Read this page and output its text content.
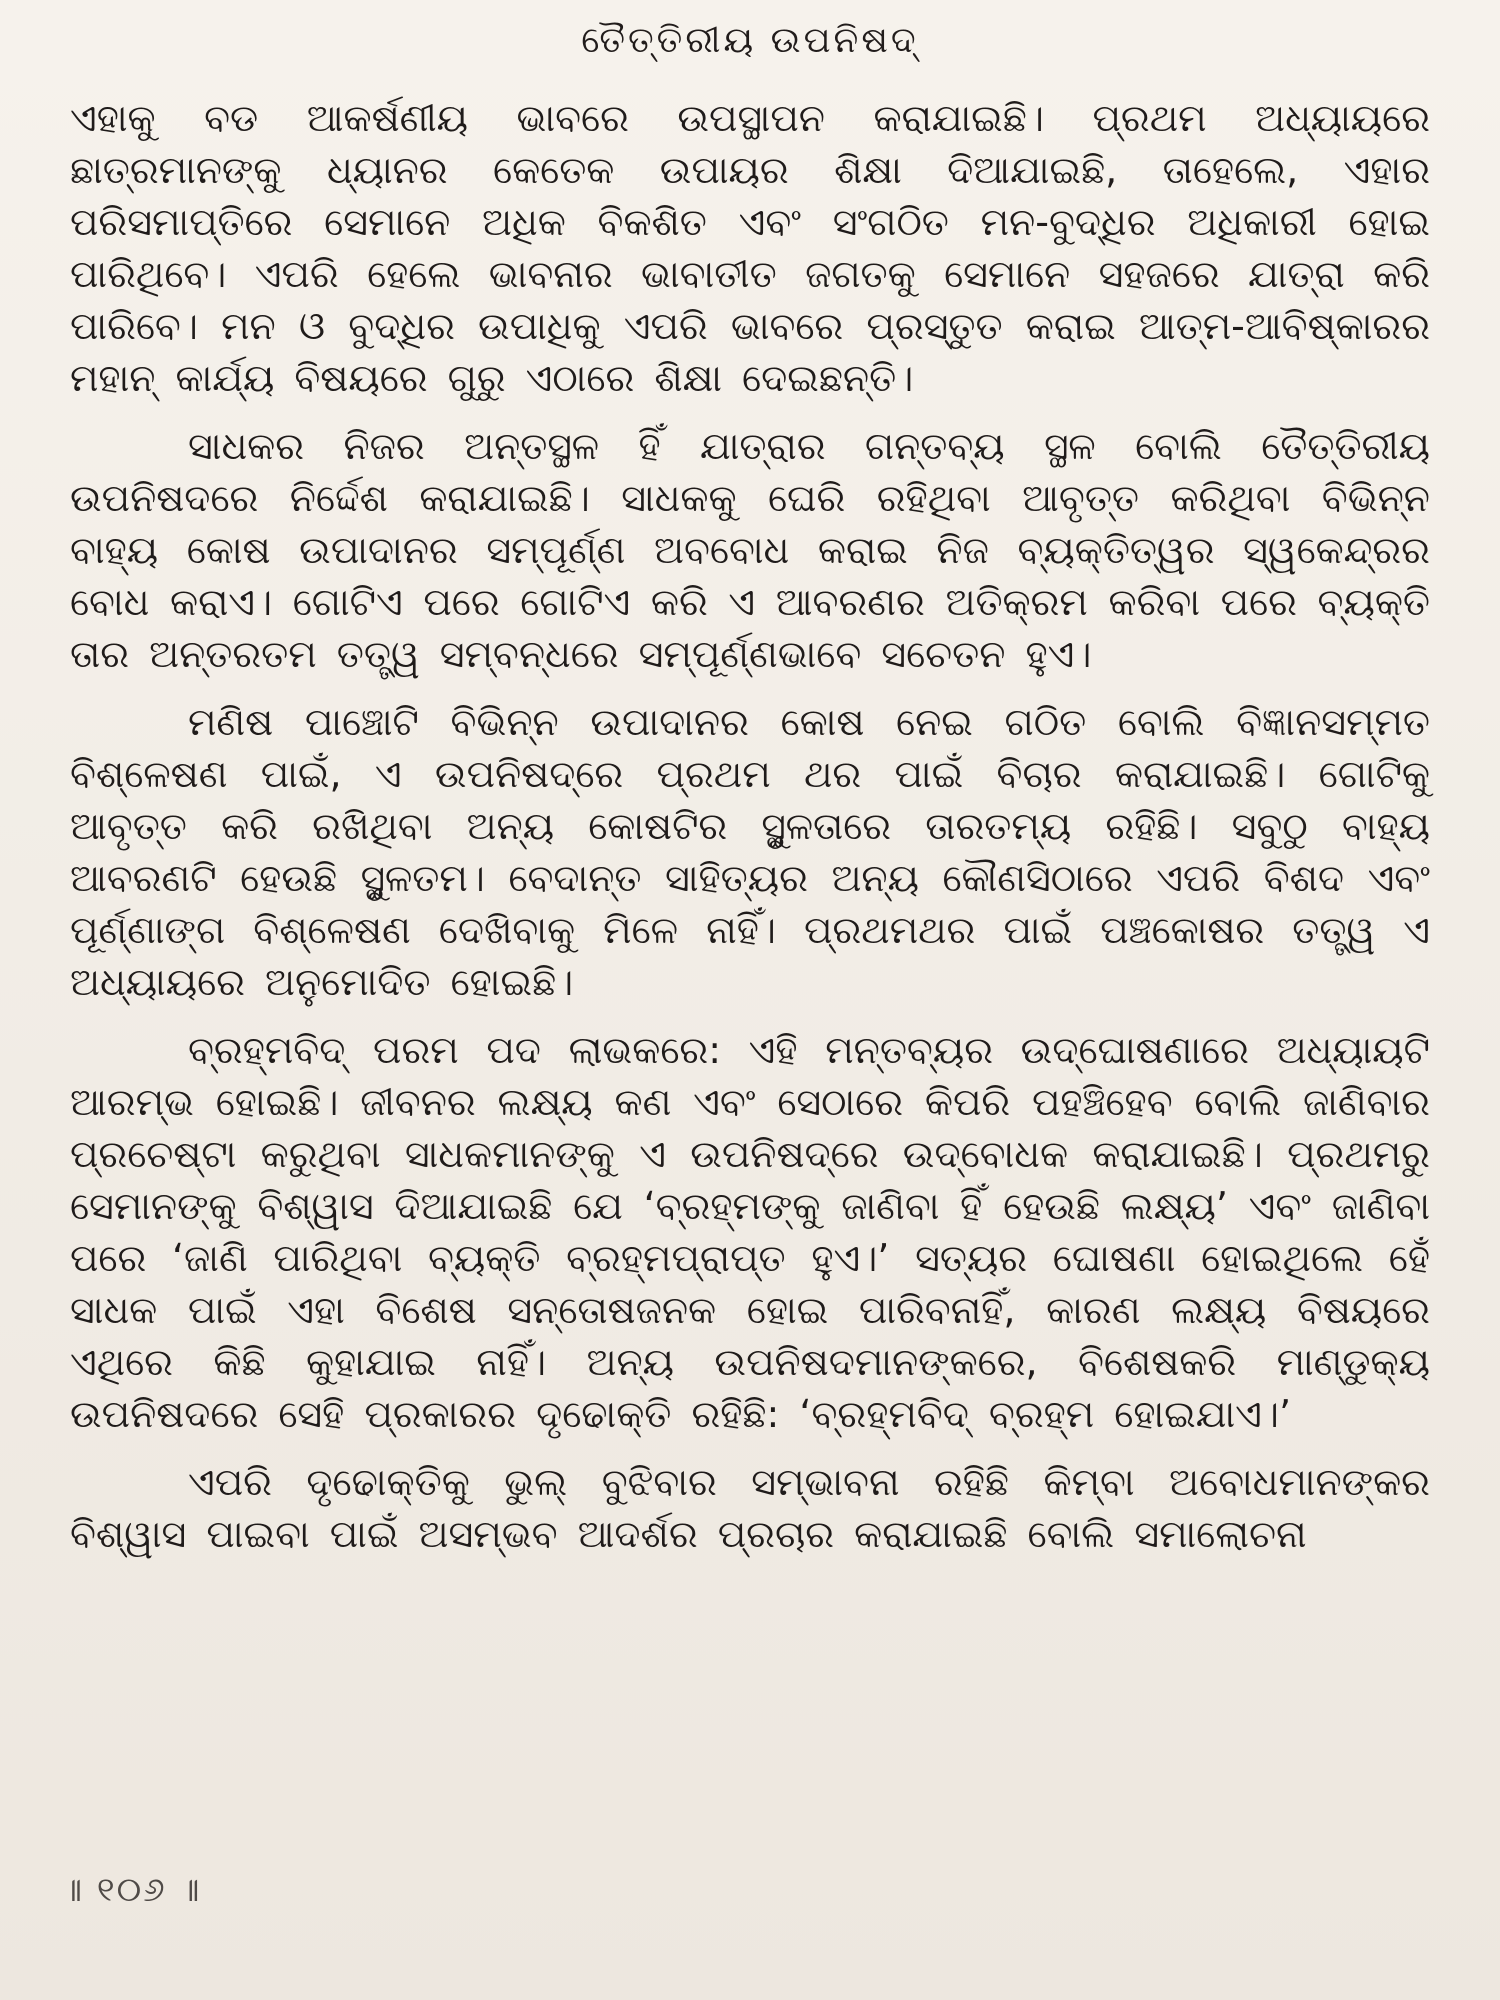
ତୈତ୍ତିରୀୟ ଉପନିଷଦ୍

ଏହାକୁ ବଡ ଆକର୍ଷଣୀୟ ଭାବରେ ଉପସ୍ଥାପନ କରାଯାଇଛି। ପ୍ରଥମ ଅଧ୍ୟାୟରେ ଛାତ୍ରମାନଙ୍କୁ ଧ୍ୟାନର କେତେକ ଉପାୟର ଶିକ୍ଷା ଦିଆଯାଇଛି, ତାହେଲେ, ଏହାର ପରିସମାପ୍ତିରେ ସେମାନେ ଅଧିକ ବିକଶିତ ଏବଂ ସଂଗଠିତ ମନ-ବୁଦ୍ଧିର ଅଧିକାରୀ ହୋଇ ପାରିଥିବେ। ଏପରି ହେଲେ ଭାବନାର ଭାବାତୀତ ଜଗତକୁ ସେମାନେ ସହଜରେ ଯାତ୍ରା କରି ପାରିବେ। ମନ ଓ ବୁଦ୍ଧିର ଉପାଧିକୁ ଏପରି ଭାବରେ ପ୍ରସ୍ତୁତ କରାଇ ଆତ୍ମ-ଆବିଷ୍କାରର ମହାନ୍ କାର୍ଯ୍ୟ ବିଷୟରେ ଗୁରୁ ଏଠାରେ ଶିକ୍ଷା ଦେଇଛନ୍ତି।

ସାଧକର ନିଜର ଅନ୍ତସ୍ଥଳ ହିଁ ଯାତ୍ରାର ଗନ୍ତବ୍ୟ ସ୍ଥଳ ବୋଲି ତୈତ୍ତିରୀୟ ଉପନିଷଦରେ ନିର୍ଦ୍ଦେଶ କରାଯାଇଛି। ସାଧକକୁ ଘେରି ରହିଥିବା ଆବୃତ୍ତ କରିଥିବା ବିଭିନ୍ନ ବାହ୍ୟ କୋଷ ଉପାଦାନର ସମ୍ପୂର୍ଣ୍ଣ ଅବବୋଧ କରାଇ ନିଜ ବ୍ୟକ୍ତିତ୍ୱର ସ୍ୱକେନ୍ଦ୍ରର ବୋଧ କରାଏ। ଗୋଟିଏ ପରେ ଗୋଟିଏ କରି ଏ ଆବରଣର ଅତିକ୍ରମ କରିବା ପରେ ବ୍ୟକ୍ତି ତାର ଅନ୍ତରତମ ତତ୍ତ୍ୱ ସମ୍ବନ୍ଧରେ ସମ୍ପୂର୍ଣ୍ଣଭାବେ ସଚେତନ ହୁଏ।

ମଣିଷ ପାଞ୍ଚୋଟି ବିଭିନ୍ନ ଉପାଦାନର କୋଷ ନେଇ ଗଠିତ ବୋଲି ବିଜ୍ଞାନସମ୍ମତ ବିଶ୍ଳେଷଣ ପାଇଁ, ଏ ଉପନିଷଦ୍‌ରେ ପ୍ରଥମ ଥର ପାଇଁ ବିଚାର କରାଯାଇଛି। ଗୋଟିକୁ ଆବୃତ୍ତ କରି ରଖିଥିବା ଅନ୍ୟ କୋଷଟିର ସ୍ଥୁଳତାରେ ତାରତମ୍ୟ ରହିଛି। ସବୁଠୁ ବାହ୍ୟ ଆବରଣଟି ହେଉଛି ସ୍ଥୁଳତମ। ବେଦାନ୍ତ ସାହିତ୍ୟର ଅନ୍ୟ କୌଣସିଠାରେ ଏପରି ବିଶଦ ଏବଂ ପୂର୍ଣ୍ଣାଙ୍ଗ ବିଶ୍ଳେଷଣ ଦେଖିବାକୁ ମିଳେ ନାହିଁ। ପ୍ରଥମଥର ପାଇଁ ପଞ୍ଚକୋଷର ତତ୍ତ୍ୱ ଏ ଅଧ୍ୟାୟରେ ଅନୁମୋଦିତ ହୋଇଛି।

ବ୍ରହ୍ମବିଦ୍ ପରମ ପଦ ଲାଭକରେ: ଏହି ମନ୍ତବ୍ୟର ଉଦ୍‌ଘୋଷଣାରେ ଅଧ୍ୟାୟଟି ଆରମ୍ଭ ହୋଇଛି। ଜୀବନର ଲକ୍ଷ୍ୟ କଣ ଏବଂ ସେଠାରେ କିପରି ପହଞ୍ଚିହେବ ବୋଲି ଜାଣିବାର ପ୍ରଚେଷ୍ଟା କରୁଥିବା ସାଧକମାନଙ୍କୁ ଏ ଉପନିଷଦ୍‌ରେ ଉଦ୍‌ବୋଧକ କରାଯାଇଛି। ପ୍ରଥମରୁ ସେମାନଙ୍କୁ ବିଶ୍ୱାସ ଦିଆଯାଇଛି ଯେ ‘ବ୍ରହ୍ମଙ୍କୁ ଜାଣିବା ହିଁ ହେଉଛି ଲକ୍ଷ୍ୟ’ ଏବଂ ଜାଣିବା ପରେ ‘ଜାଣି ପାରିଥିବା ବ୍ୟକ୍ତି ବ୍ରହ୍ମପ୍ରାପ୍ତ ହୁଏ।’ ସତ୍ୟର ଘୋଷଣା ହୋଇଥିଲେ ହେଁ ସାଧକ ପାଇଁ ଏହା ବିଶେଷ ସନ୍ତୋଷଜନକ ହୋଇ ପାରିବନାହିଁ, କାରଣ ଲକ୍ଷ୍ୟ ବିଷୟରେ ଏଥିରେ କିଛି କୁହାଯାଇ ନାହିଁ। ଅନ୍ୟ ଉପନିଷଦମାନଙ୍କରେ, ବିଶେଷକରି ମାଣ୍ଡୁକ୍ୟ ଉପନିଷଦରେ ସେହି ପ୍ରକାରର ଦୃଢୋକ୍ତି ରହିଛି: ‘ବ୍ରହ୍ମବିଦ୍ ବ୍ରହ୍ମ ହୋଇଯାଏ।’

ଏପରି ଦୃଢୋକ୍ତିକୁ ଭୁଲ୍ ବୁଝିବାର ସମ୍ଭାବନା ରହିଛି କିମ୍ବା ଅବୋଧମାନଙ୍କର ବିଶ୍ୱାସ ପାଇବା ପାଇଁ ଅସମ୍ଭବ ଆଦର୍ଶର ପ୍ରଚାର କରାଯାଇଛି ବୋଲି ସମାଲୋଚନା

॥ ୧୦୬ ॥
